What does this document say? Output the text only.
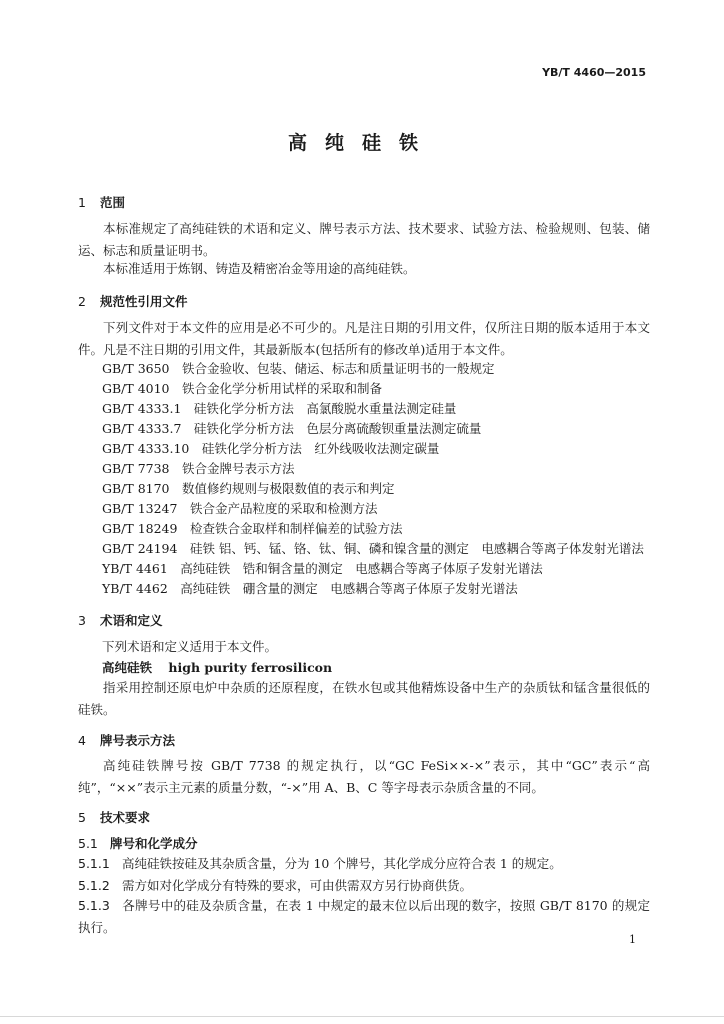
YB/T 4460—2015
高纯硅铁
1 范围
本标准规定了高纯硅铁的术语和定义、牌号表示方法、技术要求、试验方法、检验规则、包装、储运、标志和质量证明书。
本标准适用于炼钢、铸造及精密冶金等用途的高纯硅铁。
2 规范性引用文件
下列文件对于本文件的应用是必不可少的。凡是注日期的引用文件，仅所注日期的版本适用于本文件。凡是不注日期的引用文件，其最新版本(包括所有的修改单)适用于本文件。
GB/T 3650　铁合金验收、包装、储运、标志和质量证明书的一般规定
GB/T 4010　铁合金化学分析用试样的采取和制备
GB/T 4333.1　硅铁化学分析方法　高氯酸脱水重量法测定硅量
GB/T 4333.7　硅铁化学分析方法　色层分离硫酸钡重量法测定硫量
GB/T 4333.10　硅铁化学分析方法　红外线吸收法测定碳量
GB/T 7738　铁合金牌号表示方法
GB/T 8170　数值修约规则与极限数值的表示和判定
GB/T 13247　铁合金产品粒度的采取和检测方法
GB/T 18249　检查铁合金取样和制样偏差的试验方法
GB/T 24194　硅铁 铝、钙、锰、铬、钛、铜、磷和镍含量的测定　电感耦合等离子体发射光谱法
YB/T 4461　高纯硅铁　锆和铜含量的测定　电感耦合等离子体原子发射光谱法
YB/T 4462　高纯硅铁　硼含量的测定　电感耦合等离子体原子发射光谱法
3 术语和定义
下列术语和定义适用于本文件。
高纯硅铁 high purity ferrosilicon
指采用控制还原电炉中杂质的还原程度，在铁水包或其他精炼设备中生产的杂质钛和锰含量很低的硅铁。
4 牌号表示方法
高纯硅铁牌号按 GB/T 7738 的规定执行，以“GC FeSi××-×”表示，其中“GC”表示“高纯”，“××”表示主元素的质量分数，“-×”用 A、B、C 等字母表示杂质含量的不同。
5 技术要求
5.1 牌号和化学成分
5.1.1 高纯硅铁按硅及其杂质含量，分为 10 个牌号，其化学成分应符合表 1 的规定。
5.1.2 需方如对化学成分有特殊的要求，可由供需双方另行协商供货。
5.1.3 各牌号中的硅及杂质含量，在表 1 中规定的最末位以后出现的数字，按照 GB/T 8170 的规定执行。
1
